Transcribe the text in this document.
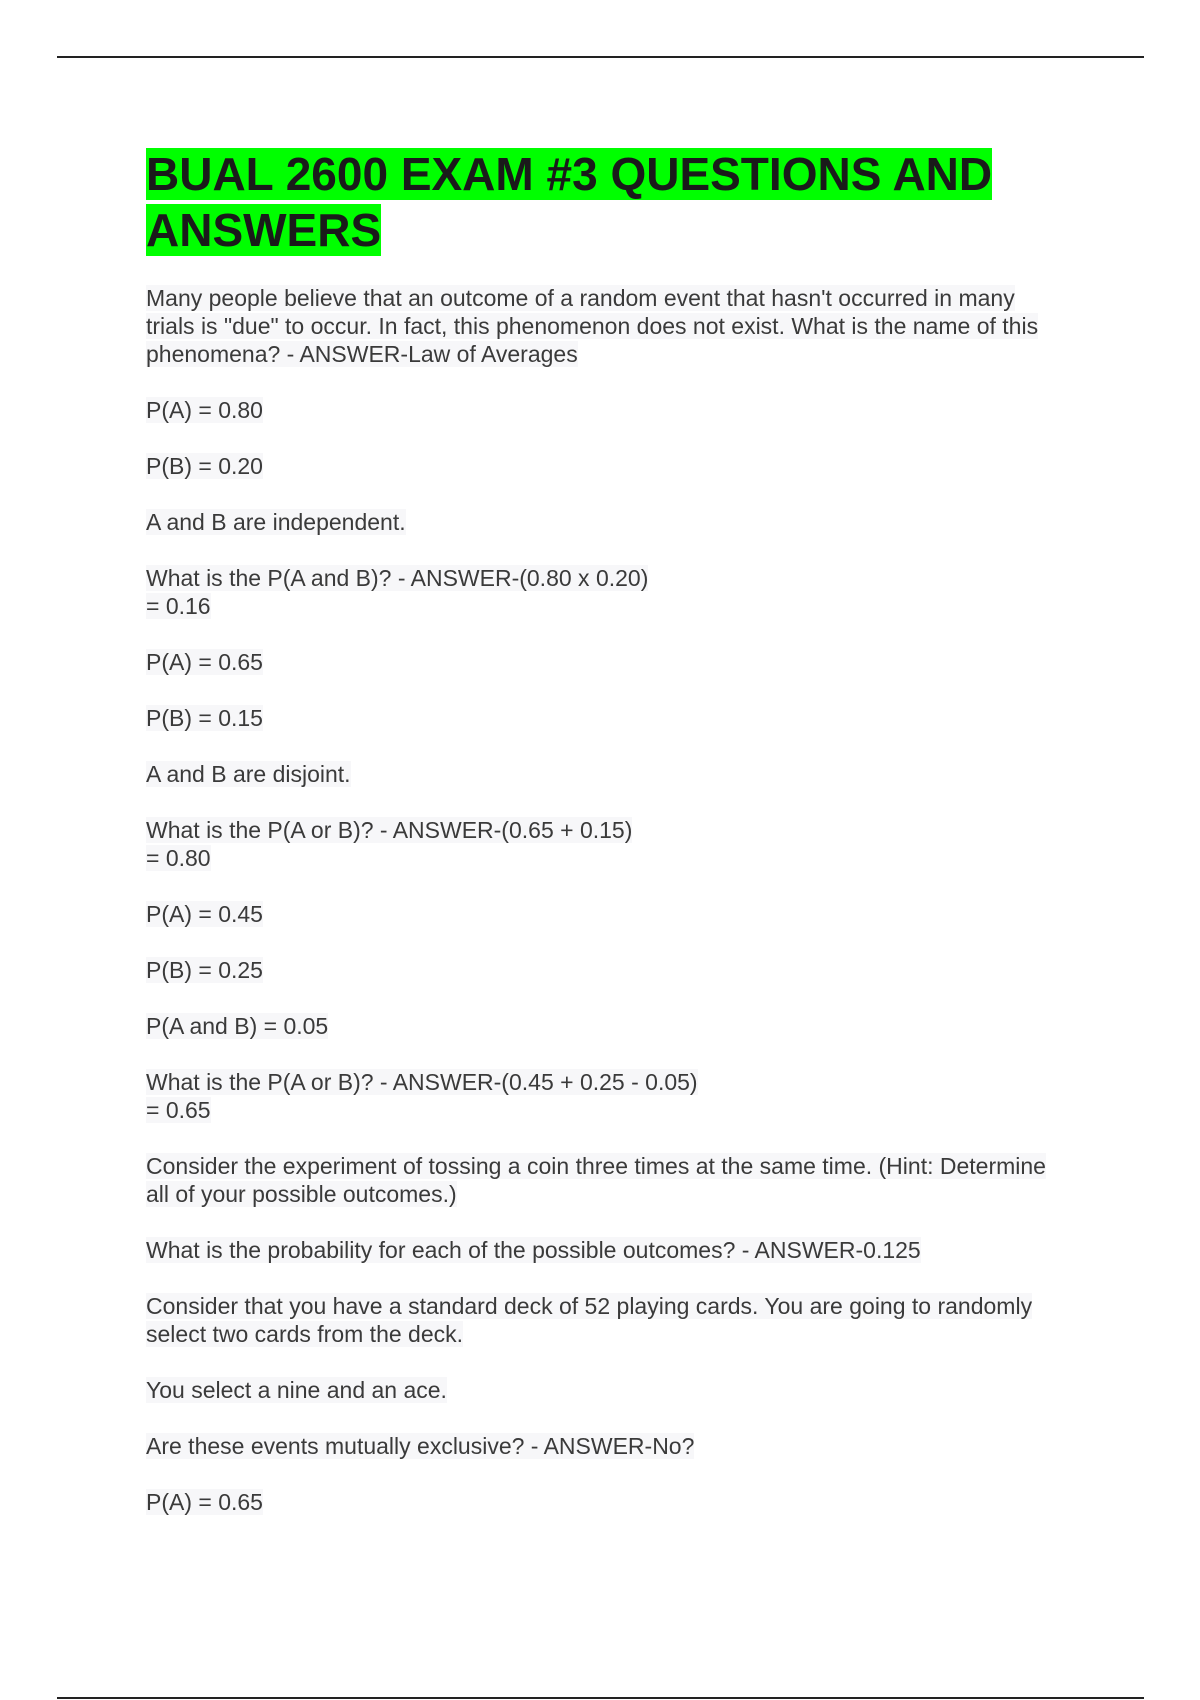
BUAL 2600 EXAM #3 QUESTIONS AND ANSWERS

Many people believe that an outcome of a random event that hasn't occurred in many trials is "due" to occur. In fact, this phenomenon does not exist. What is the name of this phenomena? - ANSWER-Law of Averages

P(A) = 0.80

P(B) = 0.20

A and B are independent.

What is the P(A and B)? - ANSWER-(0.80 x 0.20)
= 0.16

P(A) = 0.65

P(B) = 0.15

A and B are disjoint.

What is the P(A or B)? - ANSWER-(0.65 + 0.15)
= 0.80

P(A) = 0.45

P(B) = 0.25

P(A and B) = 0.05

What is the P(A or B)? - ANSWER-(0.45 + 0.25 - 0.05)
= 0.65

Consider the experiment of tossing a coin three times at the same time. (Hint: Determine all of your possible outcomes.)

What is the probability for each of the possible outcomes? - ANSWER-0.125

Consider that you have a standard deck of 52 playing cards. You are going to randomly select two cards from the deck.

You select a nine and an ace.

Are these events mutually exclusive? - ANSWER-No?

P(A) = 0.65
